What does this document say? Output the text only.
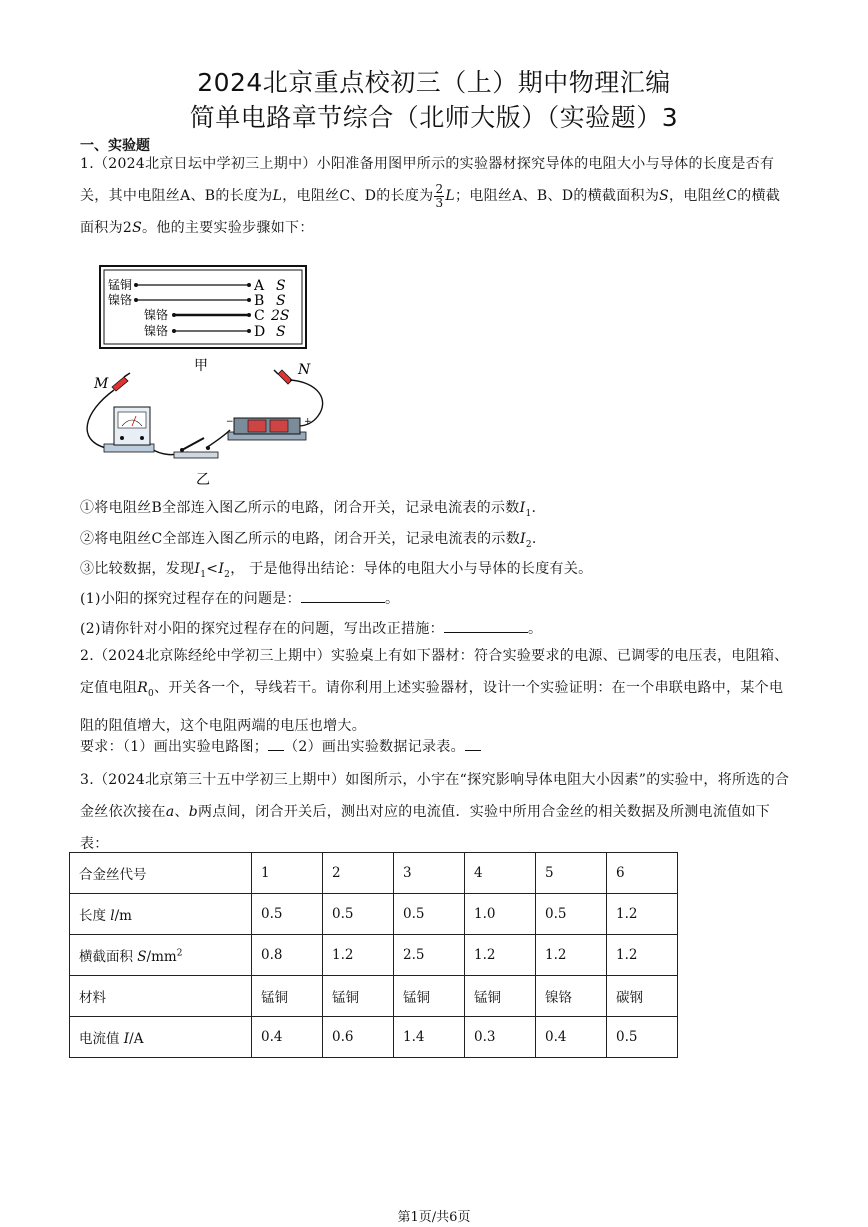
2024北京重点校初三（上）期中物理汇编
简单电路章节综合（北师大版）（实验题）3
一、实验题
1.（2024北京日坛中学初三上期中）小阳准备用图甲所示的实验器材探究导体的电阻大小与导体的长度是否有关，其中电阻丝A、B的长度为L，电阻丝C、D的长度为 $\frac{2}{3}$ L；电阻丝A、B、D的横截面积为S，电阻丝C的横截面积为2S。他的主要实验步骤如下：
锰铜	A S
镍铬	B S
镍铬	C 2S
镍铬	D S
甲
M
N
−	+
乙
①将电阻丝B全部连入图乙所示的电路，闭合开关，记录电流表的示数$I_1$.
②将电阻丝C全部连入图乙所示的电路，闭合开关，记录电流表的示数$I_2$.
③比较数据，发现$I_1<I_2$， 于是他得出结论：导体的电阻大小与导体的长度有关。
(1)小阳的探究过程存在的问题是：	。
(2)请你针对小阳的探究过程存在的问题，写出改正措施：	。
2.（2024北京陈经纶中学初三上期中）实验桌上有如下器材：符合实验要求的电源、已调零的电压表，电阻箱、定值电阻$R_0$、开关各一个，导线若干。请你利用上述实验器材，设计一个实验证明：在一个串联电路中，某个电阻的阻值增大，这个电阻两端的电压也增大。
要求：（1）画出实验电路图； （2）画出实验数据记录表。
3.（2024北京第三十五中学初三上期中）如图所示，小宇在“探究影响导体电阻大小因素”的实验中，将所选的合金丝依次接在a、b两点间，闭合开关后，测出对应的电流值．实验中所用合金丝的相关数据及所测电流值如下表：
合金丝代号	1	2	3	4	5	6
长度 l/m	0.5	0.5	0.5	1.0	0.5	1.2
横截面积 $S/mm^2$	0.8	1.2	2.5	1.2	1.2	1.2
材料	锰铜	锰铜	锰铜	锰铜	镍铬	碳钢
电流值 I/A	0.4	0.6	1.4	0.3	0.4	0.5
第1页/共6页
